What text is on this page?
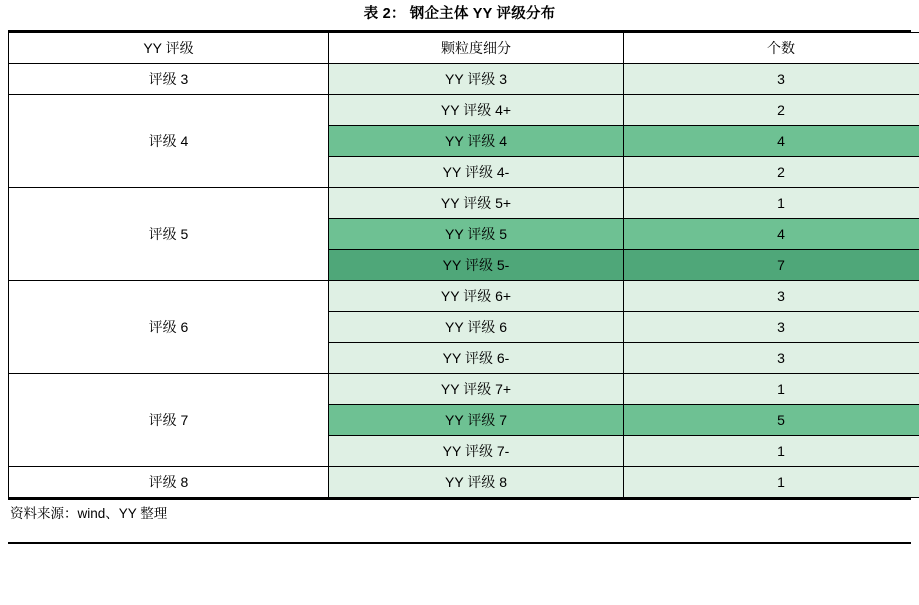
表 2： 钢企主体 YY 评级分布
YY 评级	颗粒度细分	个数
评级 3	YY 评级 3	3
评级 4	YY 评级 4+	2
	YY 评级 4	4
	YY 评级 4-	2
评级 5	YY 评级 5+	1
	YY 评级 5	4
	YY 评级 5-	7
评级 6	YY 评级 6+	3
	YY 评级 6	3
	YY 评级 6-	3
评级 7	YY 评级 7+	1
	YY 评级 7	5
	YY 评级 7-	1
评级 8	YY 评级 8	1
资料来源：wind、YY 整理
